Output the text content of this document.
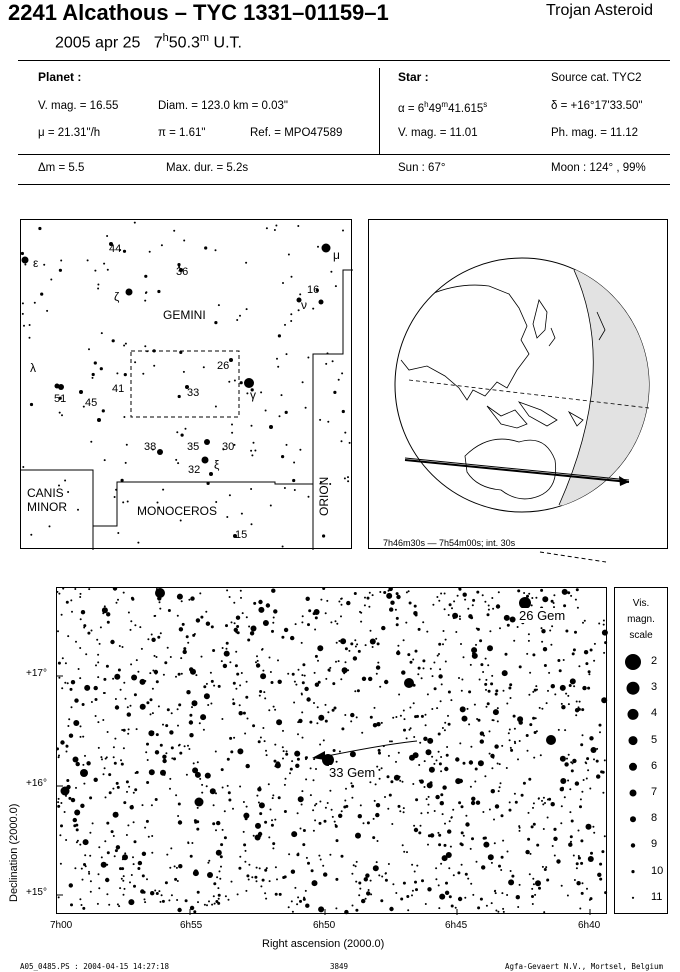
2241 Alcathous – TYC 1331–01159–1	Trojan Asteroid
2005 apr 25 7$^h$50.3$^m$ U.T.
Planet :
V. mag. = 16.55	Diam. = 123.0 km = 0.03"
μ = 21.31"/h	π = 1.61"	Ref. = MPO47589
Star :	Source cat. TYC2
$\alpha = 6^h49^m41.615^s$	δ = +16°17'33.50"
V. mag. = 11.01	Ph. mag. = 11.12
Δm = 5.5	Max. dur. = 5.2s	Sun : 67°	Moon : 124° , 99%
GEMINI
CANIS
MINOR	MONOCEROS	ORION
44
ε
36
μ
16
ν
ζ
26
λ
41	33	γ
51 45
38	35 30
32 ξ
15
7h46m30s — 7h54m00s; int. 30s
26 Gem
33 Gem
Declination (2000.0)
Right ascension (2000.0)
+17°
+16°
+15°
7h00	6h55	6h50	6h45	6h40
Vis.
magn.
scale
2
3
4
5
6
7
8
9
10
11
A05_0485.PS : 2004-04-15 14:27:18	3849	Agfa-Gevaert N.V., Mortsel, Belgium
